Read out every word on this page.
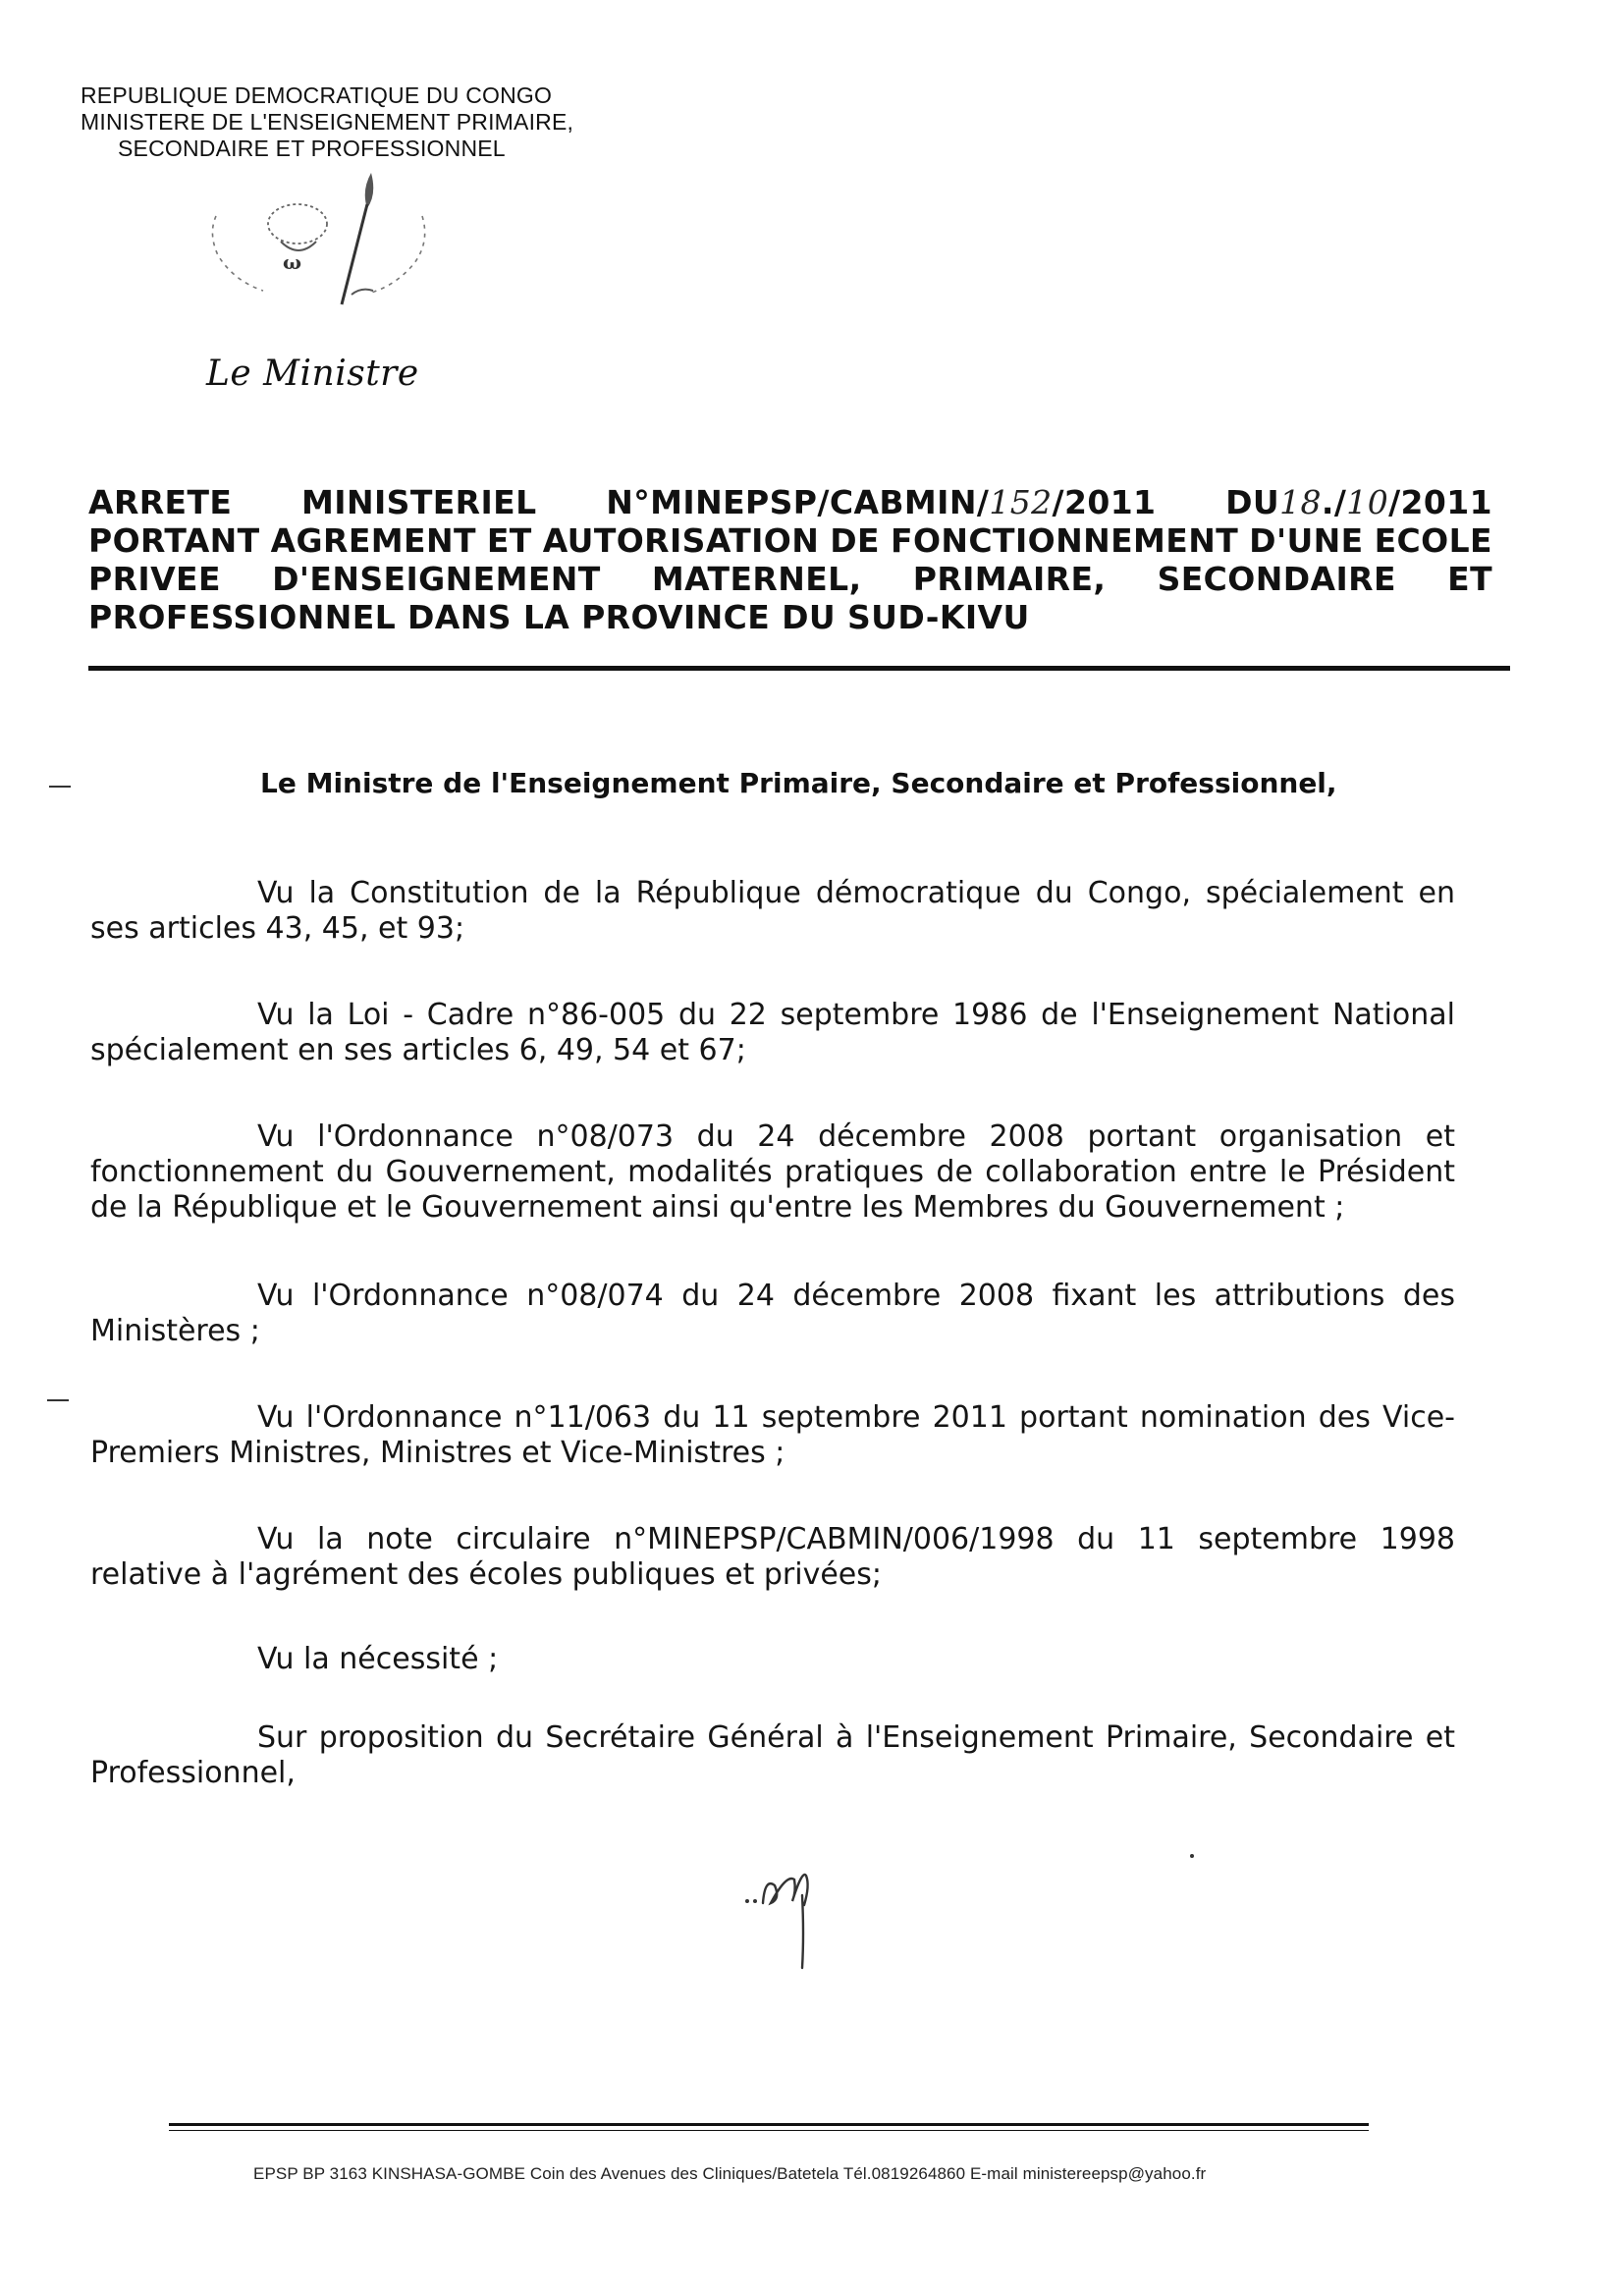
REPUBLIQUE DEMOCRATIQUE DU CONGO
MINISTERE DE L'ENSEIGNEMENT PRIMAIRE,
SECONDAIRE ET PROFESSIONNEL
ω
Le Ministre
ARRETE MINISTERIEL N°MINEPSP/CABMIN/152/2011 DU18./10/2011
PORTANT AGREMENT ET AUTORISATION DE FONCTIONNEMENT D'UNE ECOLE
PRIVEE D'ENSEIGNEMENT MATERNEL, PRIMAIRE, SECONDAIRE ET
PROFESSIONNEL DANS LA PROVINCE DU SUD-KIVU
Le Ministre de l'Enseignement Primaire, Secondaire et Professionnel,

Vu la Constitution de la République démocratique du Congo, spécialement en ses articles 43, 45, et 93;

Vu la Loi - Cadre n°86-005 du 22 septembre 1986 de l'Enseignement National spécialement en ses articles 6, 49, 54 et 67;

Vu l'Ordonnance n°08/073 du 24 décembre 2008 portant organisation et fonctionnement du Gouvernement, modalités pratiques de collaboration entre le Président de la République et le Gouvernement ainsi qu'entre les Membres du Gouvernement ;

Vu l'Ordonnance n°08/074 du 24 décembre 2008 fixant les attributions des Ministères ;

Vu l'Ordonnance n°11/063 du 11 septembre 2011 portant nomination des Vice-Premiers Ministres, Ministres et Vice-Ministres ;

Vu la note circulaire n°MINEPSP/CABMIN/006/1998 du 11 septembre 1998 relative à l'agrément des écoles publiques et privées;

Vu la nécessité ;

Sur proposition du Secrétaire Général à l'Enseignement Primaire, Secondaire et Professionnel,

EPSP BP 3163 KINSHASA-GOMBE Coin des Avenues des Cliniques/Batetela Tél.0819264860 E-mail ministereepsp@yahoo.fr
